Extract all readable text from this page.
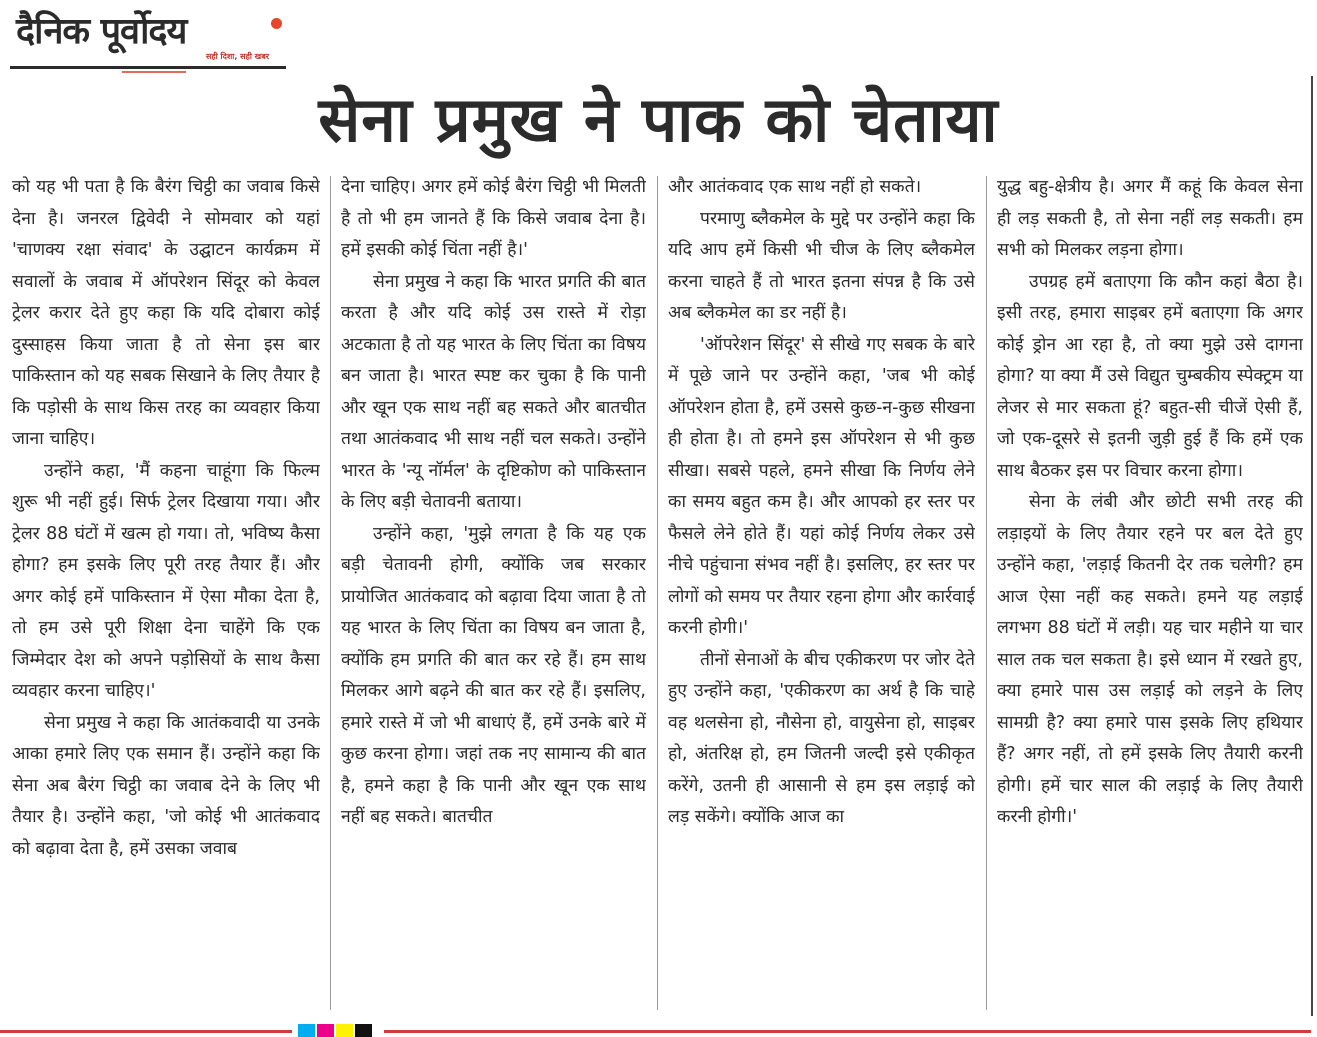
दैनिक पूर्वोदय
सही दिशा, सही खबर
सेना प्रमुख ने पाक को चेताया

को यह भी पता है कि बैरंग चिट्ठी का जवाब किसे देना है। जनरल द्विवेदी ने सोमवार को यहां 'चाणक्य रक्षा संवाद' के उद्घाटन कार्यक्रम में सवालों के जवाब में ऑपरेशन सिंदूर को केवल ट्रेलर करार देते हुए कहा कि यदि दोबारा कोई दुस्साहस किया जाता है तो सेना इस बार पाकिस्तान को यह सबक सिखाने के लिए तैयार है कि पड़ोसी के साथ किस तरह का व्यवहार किया जाना चाहिए।

उन्होंने कहा, 'मैं कहना चाहूंगा कि फिल्म शुरू भी नहीं हुई। सिर्फ ट्रेलर दिखाया गया। और ट्रेलर 88 घंटों में खत्म हो गया। तो, भविष्य कैसा होगा? हम इसके लिए पूरी तरह तैयार हैं। और अगर कोई हमें पाकिस्तान में ऐसा मौका देता है, तो हम उसे पूरी शिक्षा देना चाहेंगे कि एक जिम्मेदार देश को अपने पड़ोसियों के साथ कैसा व्यवहार करना चाहिए।'

सेना प्रमुख ने कहा कि आतंकवादी या उनके आका हमारे लिए एक समान हैं। उन्होंने कहा कि सेना अब बैरंग चिट्ठी का जवाब देने के लिए भी तैयार है। उन्होंने कहा, 'जो कोई भी आतंकवाद को बढ़ावा देता है, हमें उसका जवाब

देना चाहिए। अगर हमें कोई बैरंग चिट्ठी भी मिलती है तो भी हम जानते हैं कि किसे जवाब देना है। हमें इसकी कोई चिंता नहीं है।'

सेना प्रमुख ने कहा कि भारत प्रगति की बात करता है और यदि कोई उस रास्ते में रोड़ा अटकाता है तो यह भारत के लिए चिंता का विषय बन जाता है। भारत स्पष्ट कर चुका है कि पानी और खून एक साथ नहीं बह सकते और बातचीत तथा आतंकवाद भी साथ नहीं चल सकते। उन्होंने भारत के 'न्यू नॉर्मल' के दृष्टिकोण को पाकिस्तान के लिए बड़ी चेतावनी बताया।

उन्होंने कहा, 'मुझे लगता है कि यह एक बड़ी चेतावनी होगी, क्योंकि जब सरकार प्रायोजित आतंकवाद को बढ़ावा दिया जाता है तो यह भारत के लिए चिंता का विषय बन जाता है, क्योंकि हम प्रगति की बात कर रहे हैं। हम साथ मिलकर आगे बढ़ने की बात कर रहे हैं। इसलिए, हमारे रास्ते में जो भी बाधाएं हैं, हमें उनके बारे में कुछ करना होगा। जहां तक नए सामान्य की बात है, हमने कहा है कि पानी और खून एक साथ नहीं बह सकते। बातचीत

और आतंकवाद एक साथ नहीं हो सकते।

परमाणु ब्लैकमेल के मुद्दे पर उन्होंने कहा कि यदि आप हमें किसी भी चीज के लिए ब्लैकमेल करना चाहते हैं तो भारत इतना संपन्न है कि उसे अब ब्लैकमेल का डर नहीं है।

'ऑपरेशन सिंदूर' से सीखे गए सबक के बारे में पूछे जाने पर उन्होंने कहा, 'जब भी कोई ऑपरेशन होता है, हमें उससे कुछ-न-कुछ सीखना ही होता है। तो हमने इस ऑपरेशन से भी कुछ सीखा। सबसे पहले, हमने सीखा कि निर्णय लेने का समय बहुत कम है। और आपको हर स्तर पर फैसले लेने होते हैं। यहां कोई निर्णय लेकर उसे नीचे पहुंचाना संभव नहीं है। इसलिए, हर स्तर पर लोगों को समय पर तैयार रहना होगा और कार्रवाई करनी होगी।'

तीनों सेनाओं के बीच एकीकरण पर जोर देते हुए उन्होंने कहा, 'एकीकरण का अर्थ है कि चाहे वह थलसेना हो, नौसेना हो, वायुसेना हो, साइबर हो, अंतरिक्ष हो, हम जितनी जल्दी इसे एकीकृत करेंगे, उतनी ही आसानी से हम इस लड़ाई को लड़ सकेंगे। क्योंकि आज का

युद्ध बहु-क्षेत्रीय है। अगर मैं कहूं कि केवल सेना ही लड़ सकती है, तो सेना नहीं लड़ सकती। हम सभी को मिलकर लड़ना होगा।

उपग्रह हमें बताएगा कि कौन कहां बैठा है। इसी तरह, हमारा साइबर हमें बताएगा कि अगर कोई ड्रोन आ रहा है, तो क्या मुझे उसे दागना होगा? या क्या मैं उसे विद्युत चुम्बकीय स्पेक्ट्रम या लेजर से मार सकता हूं? बहुत-सी चीजें ऐसी हैं, जो एक-दूसरे से इतनी जुड़ी हुई हैं कि हमें एक साथ बैठकर इस पर विचार करना होगा।

सेना के लंबी और छोटी सभी तरह की लड़ाइयों के लिए तैयार रहने पर बल देते हुए उन्होंने कहा, 'लड़ाई कितनी देर तक चलेगी? हम आज ऐसा नहीं कह सकते। हमने यह लड़ाई लगभग 88 घंटों में लड़ी। यह चार महीने या चार साल तक चल सकता है। इसे ध्यान में रखते हुए, क्या हमारे पास उस लड़ाई को लड़ने के लिए सामग्री है? क्या हमारे पास इसके लिए हथियार हैं? अगर नहीं, तो हमें इसके लिए तैयारी करनी होगी। हमें चार साल की लड़ाई के लिए तैयारी करनी होगी।'
